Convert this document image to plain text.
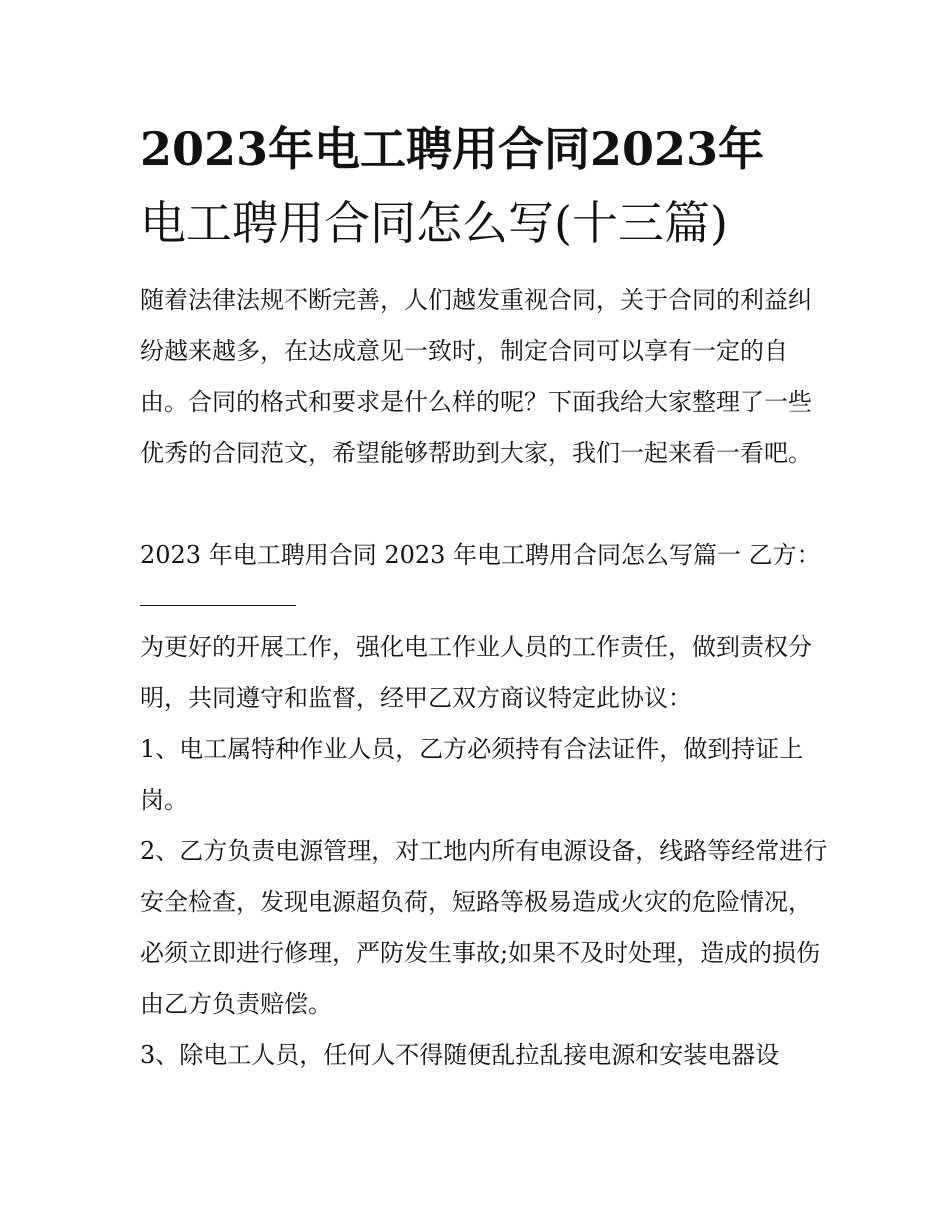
2023年电工聘用合同2023年
电工聘用合同怎么写(十三篇)

随着法律法规不断完善，人们越发重视合同，关于合同的利益纠纷越来越多，在达成意见一致时，制定合同可以享有一定的自由。合同的格式和要求是什么样的呢？下面我给大家整理了一些优秀的合同范文，希望能够帮助到大家，我们一起来看一看吧。

2023 年电工聘用合同 2023 年电工聘用合同怎么写篇一 乙方：

为更好的开展工作，强化电工作业人员的工作责任，做到责权分明，共同遵守和监督，经甲乙双方商议特定此协议：

1、电工属特种作业人员，乙方必须持有合法证件，做到持证上岗。

2、乙方负责电源管理，对工地内所有电源设备，线路等经常进行安全检查，发现电源超负荷，短路等极易造成火灾的危险情况，必须立即进行修理，严防发生事故;如果不及时处理，造成的损伤由乙方负责赔偿。

3、除电工人员，任何人不得随便乱拉乱接电源和安装电器设
